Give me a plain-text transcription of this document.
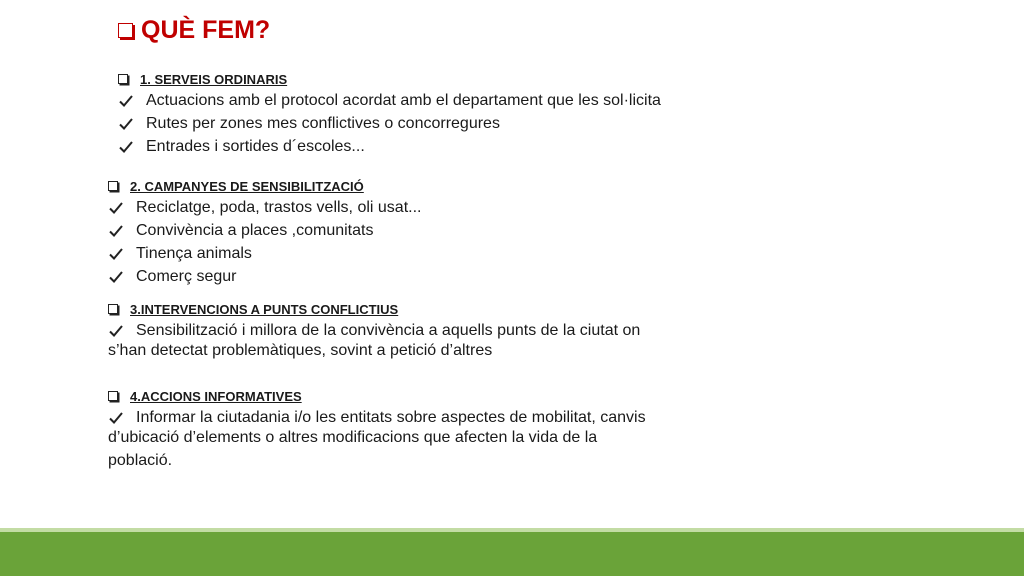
QUÈ FEM?
1. SERVEIS ORDINARIS
Actuacions amb el protocol acordat amb el departament que les sol·licita
Rutes per zones mes conflictives o concorregures
Entrades i sortides d´escoles...
2. CAMPANYES DE SENSIBILITZACIÓ
Reciclatge, poda, trastos vells, oli usat...
Convivència a places ,comunitats
Tinença animals
Comerç segur
3.INTERVENCIONS A PUNTS CONFLICTIUS
Sensibilització i millora de la convivència a aquells punts de la ciutat on
s’han detectat problemàtiques, sovint a petició d’altres
4.ACCIONS INFORMATIVES
Informar la ciutadania i/o les entitats sobre aspectes de mobilitat, canvis
d’ubicació d’elements o altres modificacions que afecten la vida de la
població.
